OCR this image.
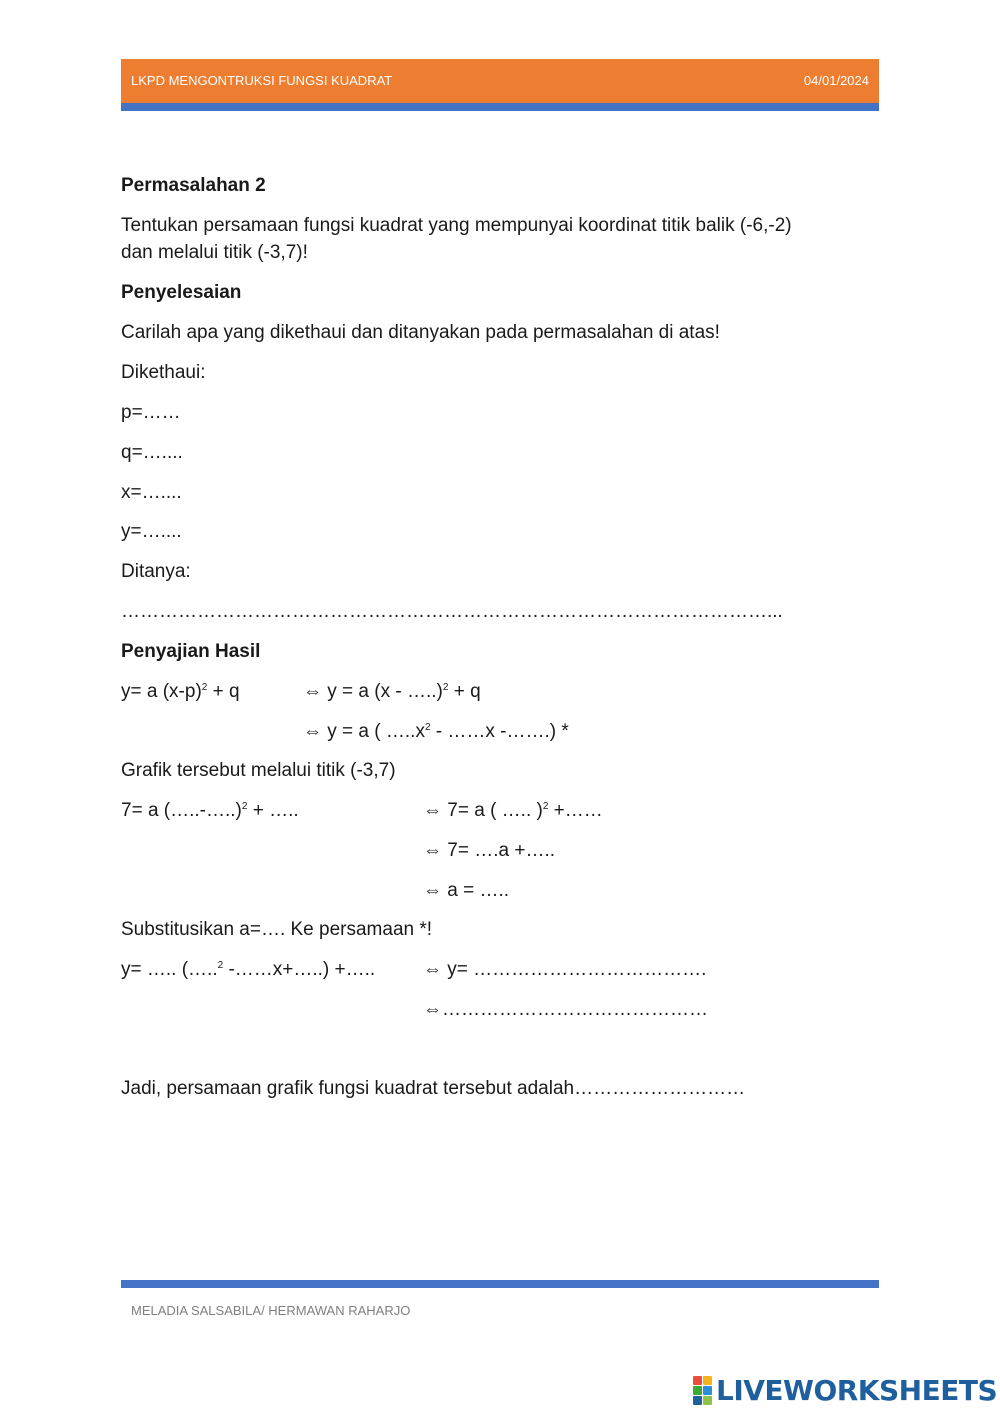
LKPD MENGONTRUKSI FUNGSI KUADRAT	04/01/2024
Permasalahan 2
Tentukan persamaan fungsi kuadrat yang mempunyai koordinat titik balik (-6,-2)
dan melalui titik (-3,7)!
Penyelesaian
Carilah apa yang dikethaui dan ditanyakan pada permasalahan di atas!
Dikethaui:
p=……
q=…....
x=…....
y=…....
Ditanya:
…………………………………………………………………………………………...
Penyajian Hasil
y= a $(x-p)^2 + q$	⇔ y = a (x - …..)$^2$ + q
⇔ y = a ( $\dots..x^2$ - ……x -…….) *
Grafik tersebut melalui titik (-3,7)
7= a (…..-…..)$^2$ + …..	⇔ 7= a ( ….. )$^2$ +……
⇔ 7= ….a +…..
⇔ a = …..
Substitusikan a=…. Ke persamaan *!
y= ….. (…..$^2$ -……x+…..) +…..	⇔ y= ……………………………….
⇔……………………………………
Jadi, persamaan grafik fungsi kuadrat tersebut adalah………………………
MELADIA SALSABILA/ HERMAWAN RAHARJO
LIVEWORKSHEETS
